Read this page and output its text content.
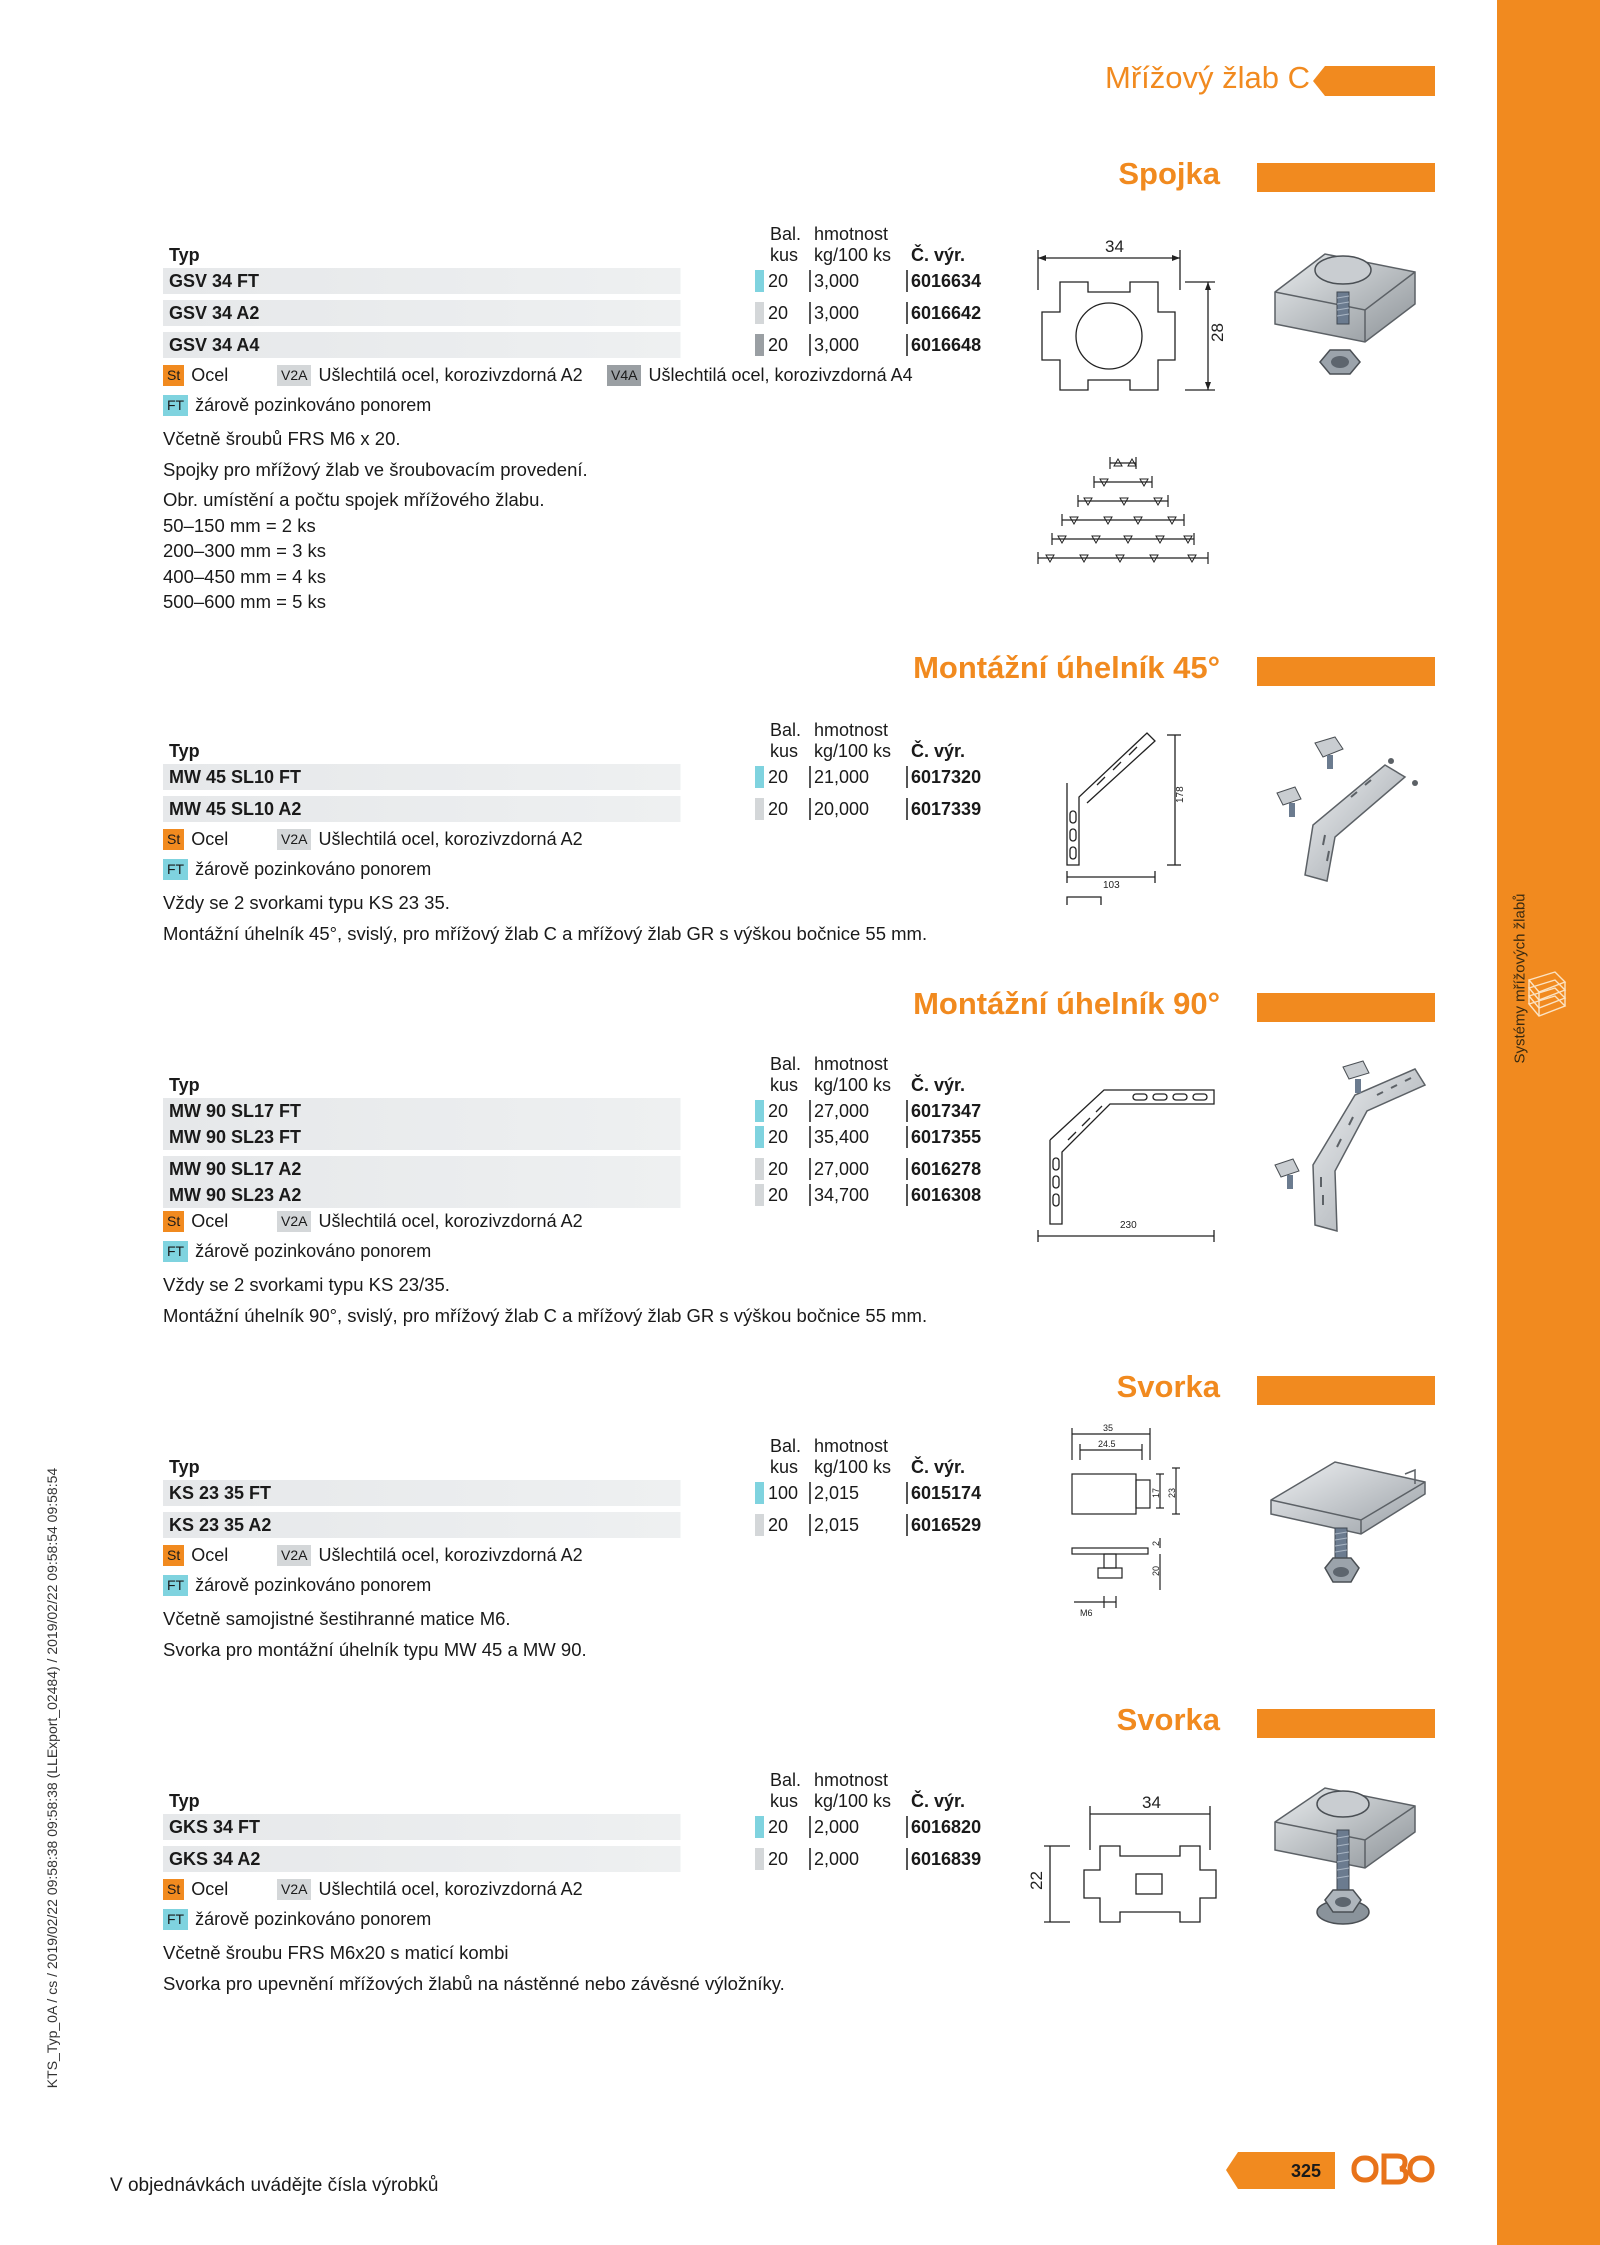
Systémy mřížových žlabů
KTS_Typ_0A / cs / 2019/02/22 09:58:38 09:58:38 (LLExport_02484) / 2019/02/22 09:58:54 09:58:54
Mřížový žlab C
Spojka
Typ
Bal.
kus
hmotnost
kg/100 ks Č. výr.
GSV 34 FT	20 3,000	6016634
GSV 34 A2	20 3,000	6016642
GSV 34 A4	20 3,000	6016648
St Ocel	V2A Ušlechtilá ocel, korozivzdorná A2 V4A Ušlechtilá ocel, korozivzdorná A4
FT žárově pozinkováno ponorem
Včetně šroubů FRS M6 x 20.
Spojky pro mřížový žlab ve šroubovacím provedení.
Obr. umístění a počtu spojek mřížového žlabu.
50–150 mm = 2 ks
200–300 mm = 3 ks
400–450 mm = 4 ks
500–600 mm = 5 ks
34
28
Montážní úhelník 45°
Typ
Bal.
kus
hmotnost
kg/100 ks Č. výr.
MW 45 SL10 FT	20 21,000 6017320
MW 45 SL10 A2	20 20,000 6017339
St Ocel	V2A Ušlechtilá ocel, korozivzdorná A2
FT žárově pozinkováno ponorem
Vždy se 2 svorkami typu KS 23 35.
Montážní úhelník 45°, svislý, pro mřížový žlab C a mřížový žlab GR s výškou bočnice 55 mm.
178
103
Montážní úhelník 90°
Typ
Bal.
kus
hmotnost
kg/100 ks Č. výr.
MW 90 SL17 FT	20 27,000 6017347
MW 90 SL23 FT	20 35,400 6017355
MW 90 SL17 A2	20 27,000 6016278
MW 90 SL23 A2	20 34,700 6016308
St Ocel	V2A Ušlechtilá ocel, korozivzdorná A2
FT žárově pozinkováno ponorem
Vždy se 2 svorkami typu KS 23/35.
Montážní úhelník 90°, svislý, pro mřížový žlab C a mřížový žlab GR s výškou bočnice 55 mm.
230
Svorka
Typ
Bal.
kus
hmotnost
kg/100 ks Č. výr.
KS 23 35 FT	100 2,015	6015174
KS 23 35 A2	20 2,015	6016529
St Ocel	V2A Ušlechtilá ocel, korozivzdorná A2
FT žárově pozinkováno ponorem
Včetně samojistné šestihranné matice M6.
Svorka pro montážní úhelník typu MW 45 a MW 90.
35
24.5
17 23
2
20
M6
Svorka
Typ
Bal.
kus
hmotnost
kg/100 ks Č. výr.
GKS 34 FT	20 2,000	6016820
GKS 34 A2	20 2,000	6016839
St Ocel	V2A Ušlechtilá ocel, korozivzdorná A2
FT žárově pozinkováno ponorem
Včetně šroubu FRS M6x20 s maticí kombi
Svorka pro upevnění mřížových žlabů na nástěnné nebo závěsné výložníky.
34
22
V objednávkách uvádějte čísla výrobků
325
OBO
